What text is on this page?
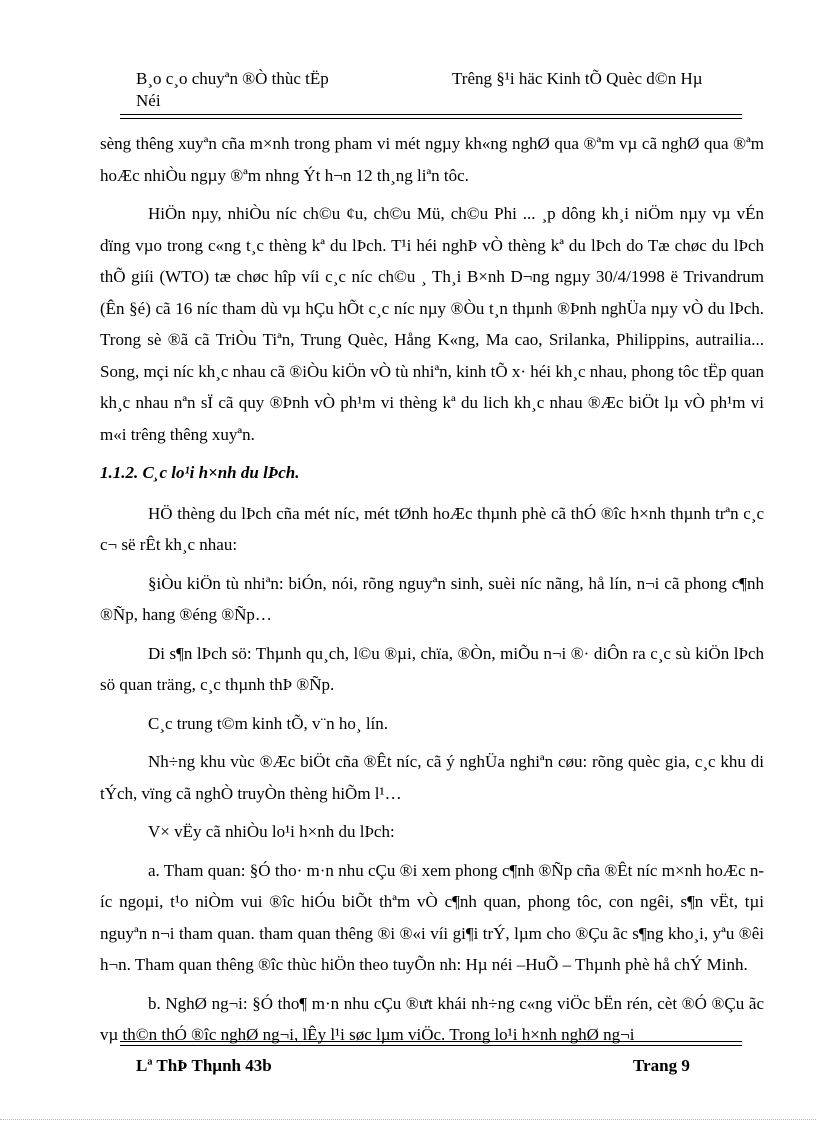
B¸o c¸o chuyªn ®Ò thùc tËp
Néi
Trêng §¹i häc Kinh tÕ Quèc d©n Hµ

sèng thêng xuyªn cña m×nh trong pham vi mét ngµy kh«ng nghØ qua ®ªm vµ cã nghØ qua ®ªm hoÆc nhiÒu ngµy ®ªm nhng Ýt h¬n 12 th¸ng liªn tôc.

HiÖn nµy, nhiÒu níc ch©u ¢u, ch©u Mü, ch©u Phi ... ¸p dông kh¸i niÖm nµy vµ vÉn dïng vµo trong c«ng t¸c thèng kª du lÞch. T¹i héi nghÞ vÒ thèng kª du lÞch do Tæ chøc du lÞch thÕ giíi (WTO) tæ chøc hîp víi c¸c níc ch©u ¸ Th¸i B×nh D¬ng ngµy 30/4/1998 ë Trivandrum (Ên §é) cã 16 níc tham dù vµ hÇu hÕt c¸c níc nµy ®Òu t¸n thµnh ®Þnh nghÜa nµy vÒ du lÞch. Trong sè ®ã cã TriÒu Tiªn, Trung Quèc, Hång K«ng, Ma cao, Srilanka, Philippins, autrailia... Song, mçi níc kh¸c nhau cã ®iÒu kiÖn vÒ tù nhiªn, kinh tÕ x· héi kh¸c nhau, phong tôc tËp quan kh¸c nhau nªn sÏ cã quy ®Þnh vÒ ph¹m vi thèng kª du lich kh¸c nhau ®Æc biÖt lµ vÒ ph¹m vi m«i trêng thêng xuyªn.

1.1.2. C¸c lo¹i h×nh du lÞch.

HÖ thèng du lÞch cña mét níc, mét tØnh hoÆc thµnh phè cã thÓ ®îc h×nh thµnh trªn c¸c c¬ së rÊt kh¸c nhau:

§iÒu kiÖn tù nhiªn: biÓn, nói, rõng nguyªn sinh, suèi níc nãng, hå lín, n¬i cã phong c¶nh ®Ñp, hang ®éng ®Ñp…

Di s¶n lÞch sö: Thµnh qu¸ch, l©u ®µi, chïa, ®Òn, miÕu n¬i ®· diÔn ra c¸c sù kiÖn lÞch sö quan träng, c¸c thµnh thÞ ®Ñp.

C¸c trung t©m kinh tÕ, v¨n ho¸ lín.

Nh÷ng khu vùc ®Æc biÖt cña ®Êt níc, cã ý nghÜa nghiªn cøu: rõng quèc gia, c¸c khu di tÝch, vïng cã nghÒ truyÒn thèng hiÕm l¹…

V× vËy cã nhiÒu lo¹i h×nh du lÞch:

a. Tham quan: §Ó tho· m·n nhu cÇu ®i xem phong c¶nh ®Ñp cña ®Êt níc m×nh hoÆc níc ngoµi, t¹o niÒm vui ®îc hiÓu biÕt thªm vÒ c¶nh quan, phong tôc, con ngêi, s¶n vËt, tµi nguyªn n¬i tham quan. tham quan thêng ®i ®«i víi gi¶i trÝ, lµm cho ®Çu ãc s¶ng kho¸i, yªu ®êi h¬n. Tham quan thêng ®îc thùc hiÖn theo tuyÕn nh: Hµ néi –HuÕ – Thµnh phè hå chÝ Minh.

b. NghØ ng¬i: §Ó tho¶ m·n nhu cÇu ®ưt khái nh÷ng c«ng viÖc bËn rén, cèt ®Ó ®Çu ãc vµ th©n thÓ ®îc nghØ ng¬i, lÊy l¹i søc lµm viÖc. Trong lo¹i h×nh nghØ ng¬i

Lª ThÞ Thµnh 43b	Trang 9
